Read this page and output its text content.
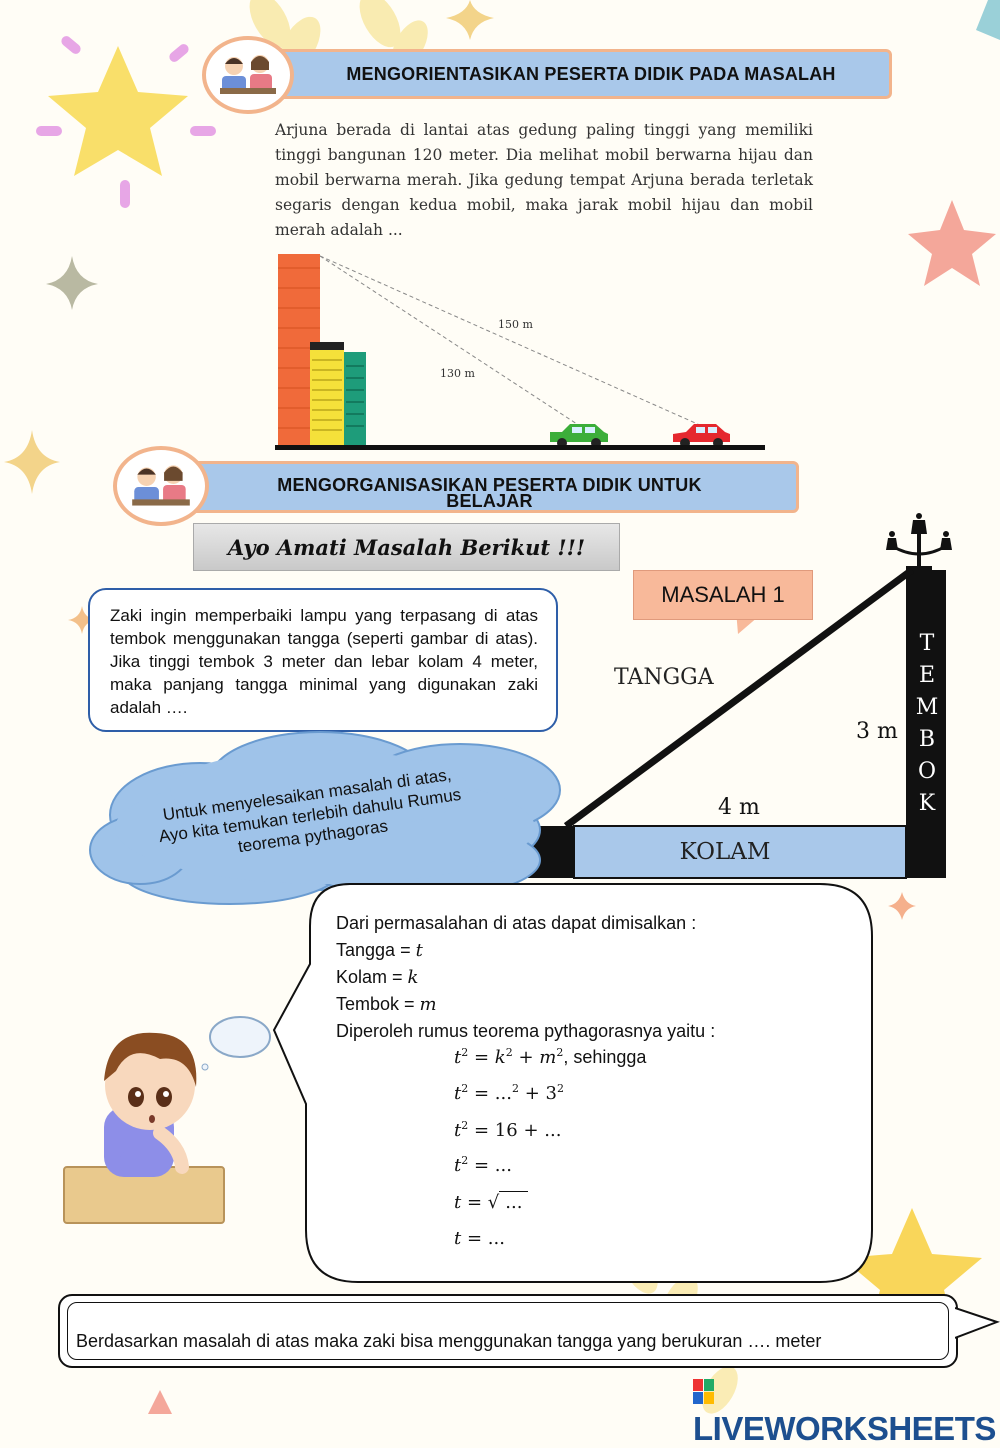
MENGORIENTASIKAN PESERTA DIDIK PADA MASALAH
Arjuna berada di lantai atas gedung paling tinggi yang memiliki tinggi bangunan 120 meter. Dia melihat mobil berwarna hijau dan mobil berwarna merah. Jika gedung tempat Arjuna berada terletak segaris dengan kedua mobil, maka jarak mobil hijau dan mobil merah adalah ...
150 m
130 m
MENGORGANISASIKAN PESERTA DIDIK UNTUK
BELAJAR
Ayo Amati Masalah Berikut !!!
Zaki ingin memperbaiki lampu yang terpasang di atas tembok menggunakan tangga (seperti gambar di atas). Jika tinggi tembok 3 meter dan lebar kolam 4 meter, maka panjang tangga minimal yang digunakan zaki adalah ….
KOLAM
TANGGA
3 m
4 m
T
E
M
B
O
K
MASALAH 1
Untuk menyelesaikan masalah di atas, Ayo kita temukan terlebih dahulu Rumus teorema pythagoras
Dari permasalahan di atas dapat dimisalkan :
Tangga = t
Kolam = k
Tembok = m
Diperoleh rumus teorema pythagorasnya yaitu :
$t^2 = k^2 + m^2$, sehingga
$t^2 = ...^2 + 3^2$
$t^2 = 16$ + ...
$t^2$ = ...
t = √ ...
t = ...
Berdasarkan masalah di atas maka zaki bisa menggunakan tangga yang berukuran …. meter
LIVEWORKSHEETS
